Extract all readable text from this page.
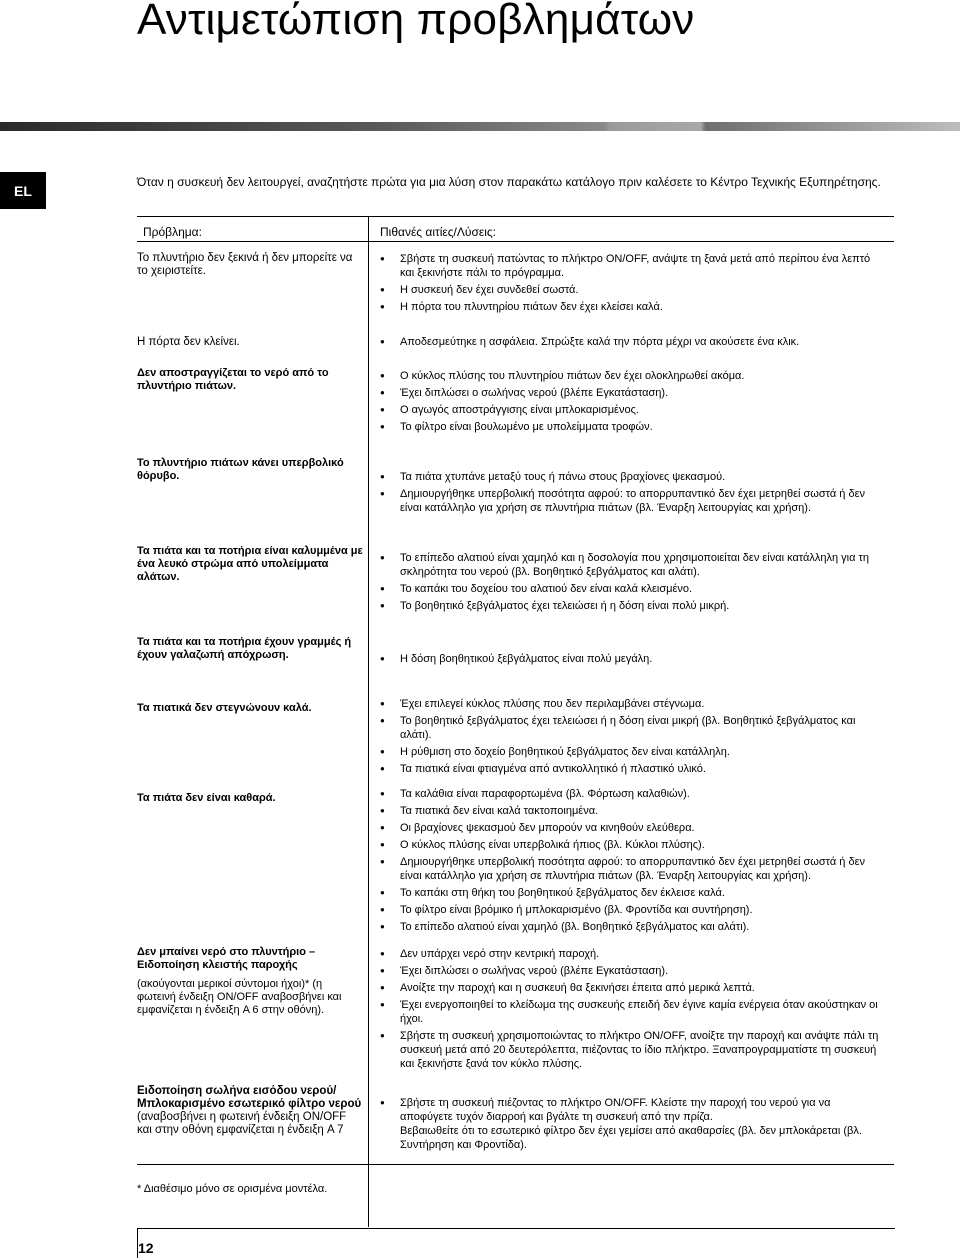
Αντιμετώπιση προβλημάτων
EL
Όταν η συσκευή δεν λειτουργεί, αναζητήστε πρώτα για μια λύση στον παρακάτω κατάλογο πριν καλέσετε το Κέντρο Τεχνικής Εξυπηρέτησης.
Πρόβλημα:	Πιθανές αιτίες/Λύσεις:
Το πλυντήριο δεν ξεκινά ή δεν μπορείτε να το χειριστείτε.
● Σβήστε τη συσκευή πατώντας το πλήκτρο ON/OFF, ανάψτε τη ξανά μετά από περίπου ένα λεπτό και ξεκινήστε πάλι το πρόγραμμα.
● Η συσκευή δεν έχει συνδεθεί σωστά.
● Η πόρτα του πλυντηρίου πιάτων δεν έχει κλείσει καλά.
Η πόρτα δεν κλείνει.	● Αποδεσμεύτηκε η ασφάλεια. Σπρώξτε καλά την πόρτα μέχρι να ακούσετε ένα κλικ.
Δεν αποστραγγίζεται το νερό από το πλυντήριο πιάτων.
● Ο κύκλος πλύσης του πλυντηρίου πιάτων δεν έχει ολοκληρωθεί ακόμα.
● Έχει διπλώσει ο σωλήνας νερού (βλέπε Εγκατάσταση).
● Ο αγωγός αποστράγγισης είναι μπλοκαρισμένος.
● Το φίλτρο είναι βουλωμένο με υπολείμματα τροφών.
Το πλυντήριο πιάτων κάνει υπερβολικό θόρυβο.	● Τα πιάτα χτυπάνε μεταξύ τους ή πάνω στους βραχίονες ψεκασμού.
● Δημιουργήθηκε υπερβολική ποσότητα αφρού: το απορρυπαντικό δεν έχει μετρηθεί σωστά ή δεν είναι κατάλληλο για χρήση σε πλυντήρια πιάτων (βλ. Έναρξη λειτουργίας και χρήση).
Τα πιάτα και τα ποτήρια είναι καλυμμένα με ένα λευκό στρώμα από υπολείμματα αλάτων.
● Το επίπεδο αλατιού είναι χαμηλό και η δοσολογία που χρησιμοποιείται δεν είναι κατάλληλη για τη σκληρότητα του νερού (βλ. Βοηθητικό ξεβγάλματος και αλάτι).
● Το καπάκι του δοχείου του αλατιού δεν είναι καλά κλεισμένο.
● Το βοηθητικό ξεβγάλματος έχει τελειώσει ή η δόση είναι πολύ μικρή.
Τα πιάτα και τα ποτήρια έχουν γραμμές ή έχουν γαλαζωπή απόχρωση.	● Η δόση βοηθητικού ξεβγάλματος είναι πολύ μεγάλη.
Τα πιατικά δεν στεγνώνουν καλά.	● Έχει επιλεγεί κύκλος πλύσης που δεν περιλαμβάνει στέγνωμα.
● Το βοηθητικό ξεβγάλματος έχει τελειώσει ή η δόση είναι μικρή (βλ. Βοηθητικό ξεβγάλματος και αλάτι).
● Η ρύθμιση στο δοχείο βοηθητικού ξεβγάλματος δεν είναι κατάλληλη.
● Τα πιατικά είναι φτιαγμένα από αντικολλητικό ή πλαστικό υλικό.
Τα πιάτα δεν είναι καθαρά.	● Τα καλάθια είναι παραφορτωμένα (βλ. Φόρτωση καλαθιών).
● Τα πιατικά δεν είναι καλά τακτοποιημένα.
● Οι βραχίονες ψεκασμού δεν μπορούν να κινηθούν ελεύθερα.
● Ο κύκλος πλύσης είναι υπερβολικά ήπιος (βλ. Κύκλοι πλύσης).
● Δημιουργήθηκε υπερβολική ποσότητα αφρού: το απορρυπαντικό δεν έχει μετρηθεί σωστά ή δεν είναι κατάλληλο για χρήση σε πλυντήρια πιάτων (βλ. Έναρξη λειτουργίας και χρήση).
● Το καπάκι στη θήκη του βοηθητικού ξεβγάλματος δεν έκλεισε καλά.
● Το φίλτρο είναι βρόμικο ή μπλοκαρισμένο (βλ. Φροντίδα και συντήρηση).
● Το επίπεδο αλατιού είναι χαμηλό (βλ. Βοηθητικό ξεβγάλματος και αλάτι).
Δεν μπαίνει νερό στο πλυντήριο – Ειδοποίηση κλειστής παροχής
(ακούγονται μερικοί σύντομοι ήχοι)* (η φωτεινή ένδειξη ON/OFF αναβοσβήνει και εμφανίζεται η ένδειξη A 6 στην οθόνη).
● Δεν υπάρχει νερό στην κεντρική παροχή.
● Έχει διπλώσει ο σωλήνας νερού (βλέπε Εγκατάσταση).
● Ανοίξτε την παροχή και η συσκευή θα ξεκινήσει έπειτα από μερικά λεπτά.
● Έχει ενεργοποιηθεί το κλείδωμα της συσκευής επειδή δεν έγινε καμία ενέργεια όταν ακούστηκαν οι ήχοι.
● Σβήστε τη συσκευή χρησιμοποιώντας το πλήκτρο ON/OFF, ανοίξτε την παροχή και ανάψτε πάλι τη συσκευή μετά από 20 δευτερόλεπτα, πιέζοντας το ίδιο πλήκτρο. Ξαναπρογραμματίστε τη συσκευή και ξεκινήστε ξανά τον κύκλο πλύσης.
Ειδοποίηση σωλήνα εισόδου νερού/ Μπλοκαρισμένο εσωτερικό φίλτρο νερού
(αναβοσβήνει η φωτεινή ένδειξη ON/OFF και στην οθόνη εμφανίζεται η ένδειξη A 7
● Σβήστε τη συσκευή πιέζοντας το πλήκτρο ON/OFF. Κλείστε την παροχή του νερού για να αποφύγετε τυχόν διαρροή και βγάλτε τη συσκευή από την πρίζα.
Βεβαιωθείτε ότι το εσωτερικό φίλτρο δεν έχει γεμίσει από ακαθαρσίες (βλ. δεν μπλοκάρεται (βλ. Συντήρηση και Φροντίδα).
* Διαθέσιμο μόνο σε ορισμένα μοντέλα.
12
